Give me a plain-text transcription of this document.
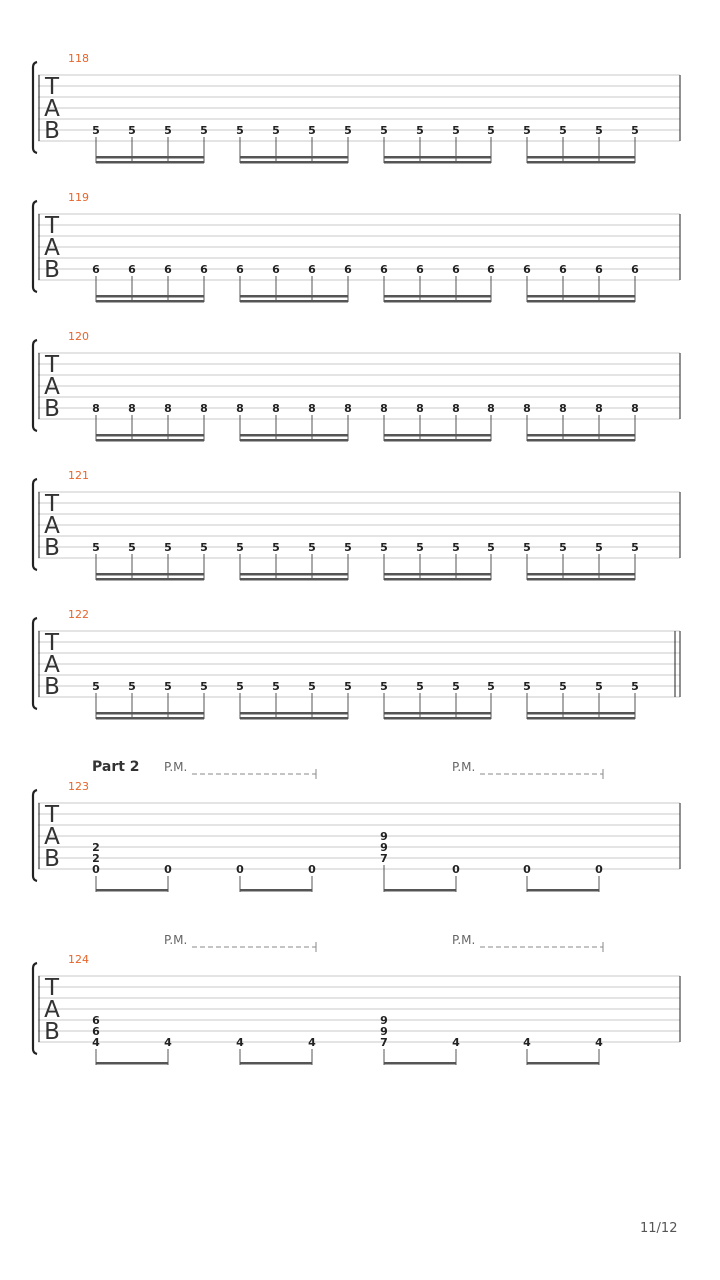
118
T
A
B	5	5	5	5	5	5	5	5	5	5	5 5	5	5	5	5
119
T
A
B	6	6	6	6	6	6	6	6	6	6	6 6	6	6	6	6
120
T
A
B	8	8	8	8	8	8	8	8	8	8	8 8	8	8	8	8
121
T
A
B	5	5	5	5	5	5	5	5	5	5	5 5	5	5	5	5
122
T
A
B	5	5	5	5	5	5	5	5	5	5	5 5	5	5	5	5
123
T
A
B	2
2
0	0	0	0
9
9
7
0	0	0
P.M.	P.M.
Part 2
124
T
A
B	6
6
4	4	4	4
9
9
7	4	4	4
P.M.	P.M.
11/12
